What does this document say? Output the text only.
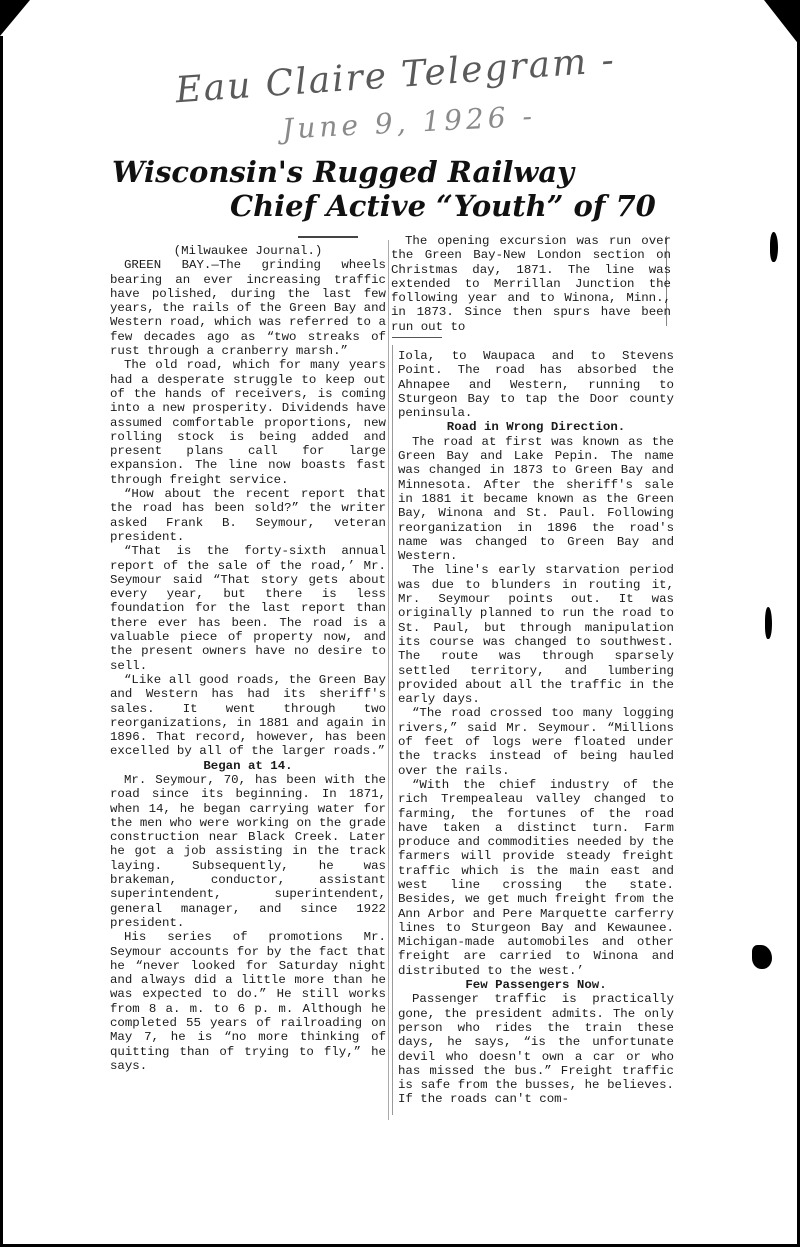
Eau Claire Telegram -
June 9, 1926 -
Wisconsin's Rugged Railway
Chief Active “Youth” of 70

(Milwaukee Journal.)

GREEN BAY.—The grinding wheels bearing an ever increasing traffic have polished, during the last few years, the rails of the Green Bay and Western road, which was referred to a few decades ago as “two streaks of rust through a cranberry marsh.”

The old road, which for many years had a desperate struggle to keep out of the hands of receivers, is coming into a new prosperity. Dividends have assumed comfortable proportions, new rolling stock is being added and present plans call for large expansion. The line now boasts fast through freight service.

“How about the recent report that the road has been sold?” the writer asked Frank B. Seymour, veteran president.

“That is the forty-sixth annual report of the sale of the road,’ Mr. Seymour said “That story gets about every year, but there is less foundation for the last report than there ever has been. The road is a valuable piece of property now, and the present owners have no desire to sell.

“Like all good roads, the Green Bay and Western has had its sheriff's sales. It went through two reorganizations, in 1881 and again in 1896. That record, however, has been excelled by all of the larger roads.”

Began at 14.

Mr. Seymour, 70, has been with the road since its beginning. In 1871, when 14, he began carrying water for the men who were working on the grade construction near Black Creek. Later he got a job assisting in the track laying. Subsequently, he was brakeman, conductor, assistant superintendent, superintendent, general manager, and since 1922 president.

His series of promotions Mr. Seymour accounts for by the fact that he “never looked for Saturday night and always did a little more than he was expected to do.” He still works from 8 a. m. to 6 p. m. Although he completed 55 years of railroading on May 7, he is “no more thinking of quitting than of trying to fly,” he says.

The opening excursion was run over the Green Bay-New London section on Christmas day, 1871. The line was extended to Merrillan Junction the following year and to Winona, Minn., in 1873. Since then spurs have been run out to

Iola, to Waupaca and to Stevens Point. The road has absorbed the Ahnapee and Western, running to Sturgeon Bay to tap the Door county peninsula.

Road in Wrong Direction.

The road at first was known as the Green Bay and Lake Pepin. The name was changed in 1873 to Green Bay and Minnesota. After the sheriff's sale in 1881 it became known as the Green Bay, Winona and St. Paul. Following reorganization in 1896 the road's name was changed to Green Bay and Western.

The line's early starvation period was due to blunders in routing it, Mr. Seymour points out. It was originally planned to run the road to St. Paul, but through manipulation its course was changed to southwest. The route was through sparsely settled territory, and lumbering provided about all the traffic in the early days.

“The road crossed too many logging rivers,” said Mr. Seymour. “Millions of feet of logs were floated under the tracks instead of being hauled over the rails.

“With the chief industry of the rich Trempealeau valley changed to farming, the fortunes of the road have taken a distinct turn. Farm produce and commodities needed by the farmers will provide steady freight traffic which is the main east and west line crossing the state. Besides, we get much freight from the Ann Arbor and Pere Marquette carferry lines to Sturgeon Bay and Kewaunee. Michigan-made automobiles and other freight are carried to Winona and distributed to the west.’

Few Passengers Now.

Passenger traffic is practically gone, the president admits. The only person who rides the train these days, he says, “is the unfortunate devil who doesn't own a car or who has missed the bus.” Freight traffic is safe from the busses, he believes. If the roads can't com-
